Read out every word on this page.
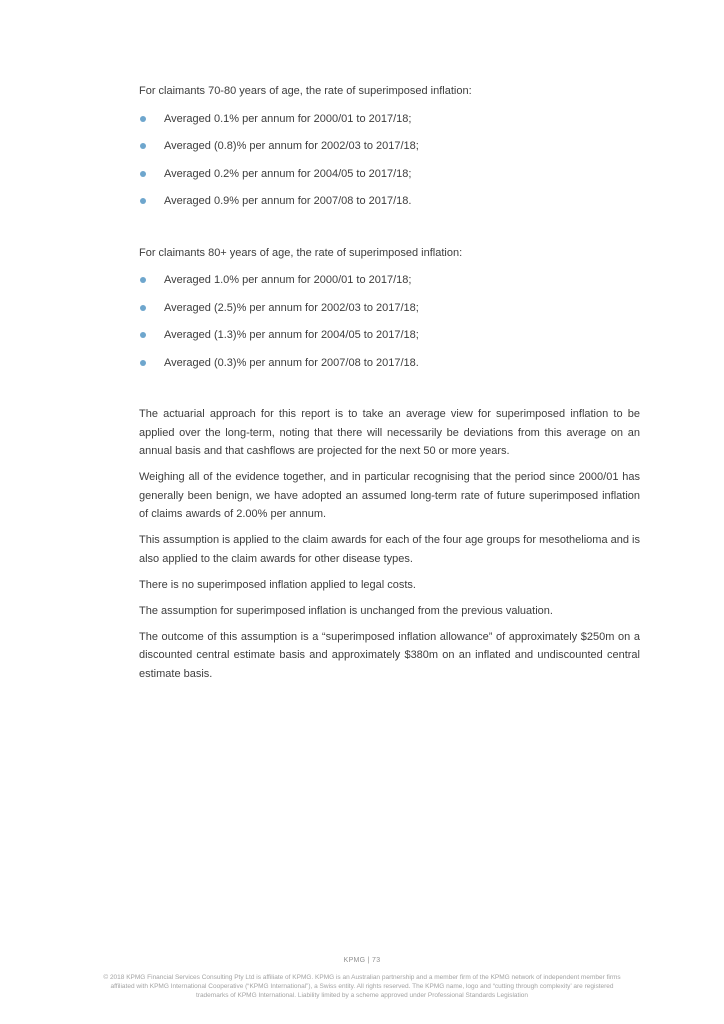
For claimants 70-80 years of age, the rate of superimposed inflation:

Averaged 0.1% per annum for 2000/01 to 2017/18;
Averaged (0.8)% per annum for 2002/03 to 2017/18;
Averaged 0.2% per annum for 2004/05 to 2017/18;
Averaged 0.9% per annum for 2007/08 to 2017/18.

For claimants 80+ years of age, the rate of superimposed inflation:

Averaged 1.0% per annum for 2000/01 to 2017/18;
Averaged (2.5)% per annum for 2002/03 to 2017/18;
Averaged (1.3)% per annum for 2004/05 to 2017/18;
Averaged (0.3)% per annum for 2007/08 to 2017/18.

The actuarial approach for this report is to take an average view for superimposed inflation to be applied over the long-term, noting that there will necessarily be deviations from this average on an annual basis and that cashflows are projected for the next 50 or more years.

Weighing all of the evidence together, and in particular recognising that the period since 2000/01 has generally been benign, we have adopted an assumed long-term rate of future superimposed inflation of claims awards of 2.00% per annum.

This assumption is applied to the claim awards for each of the four age groups for mesothelioma and is also applied to the claim awards for other disease types.

There is no superimposed inflation applied to legal costs.

The assumption for superimposed inflation is unchanged from the previous valuation.

The outcome of this assumption is a “superimposed inflation allowance” of approximately $250m on a discounted central estimate basis and approximately $380m on an inflated and undiscounted central estimate basis.

KPMG | 73

© 2018 KPMG Financial Services Consulting Pty Ltd is affiliate of KPMG. KPMG is an Australian partnership and a member firm of the KPMG network of independent member firms

affiliated with KPMG International Cooperative (“KPMG International”), a Swiss entity. All rights reserved. The KPMG name, logo and “cutting through complexity’ are registered

trademarks of KPMG International. Liability limited by a scheme approved under Professional Standards Legislation
